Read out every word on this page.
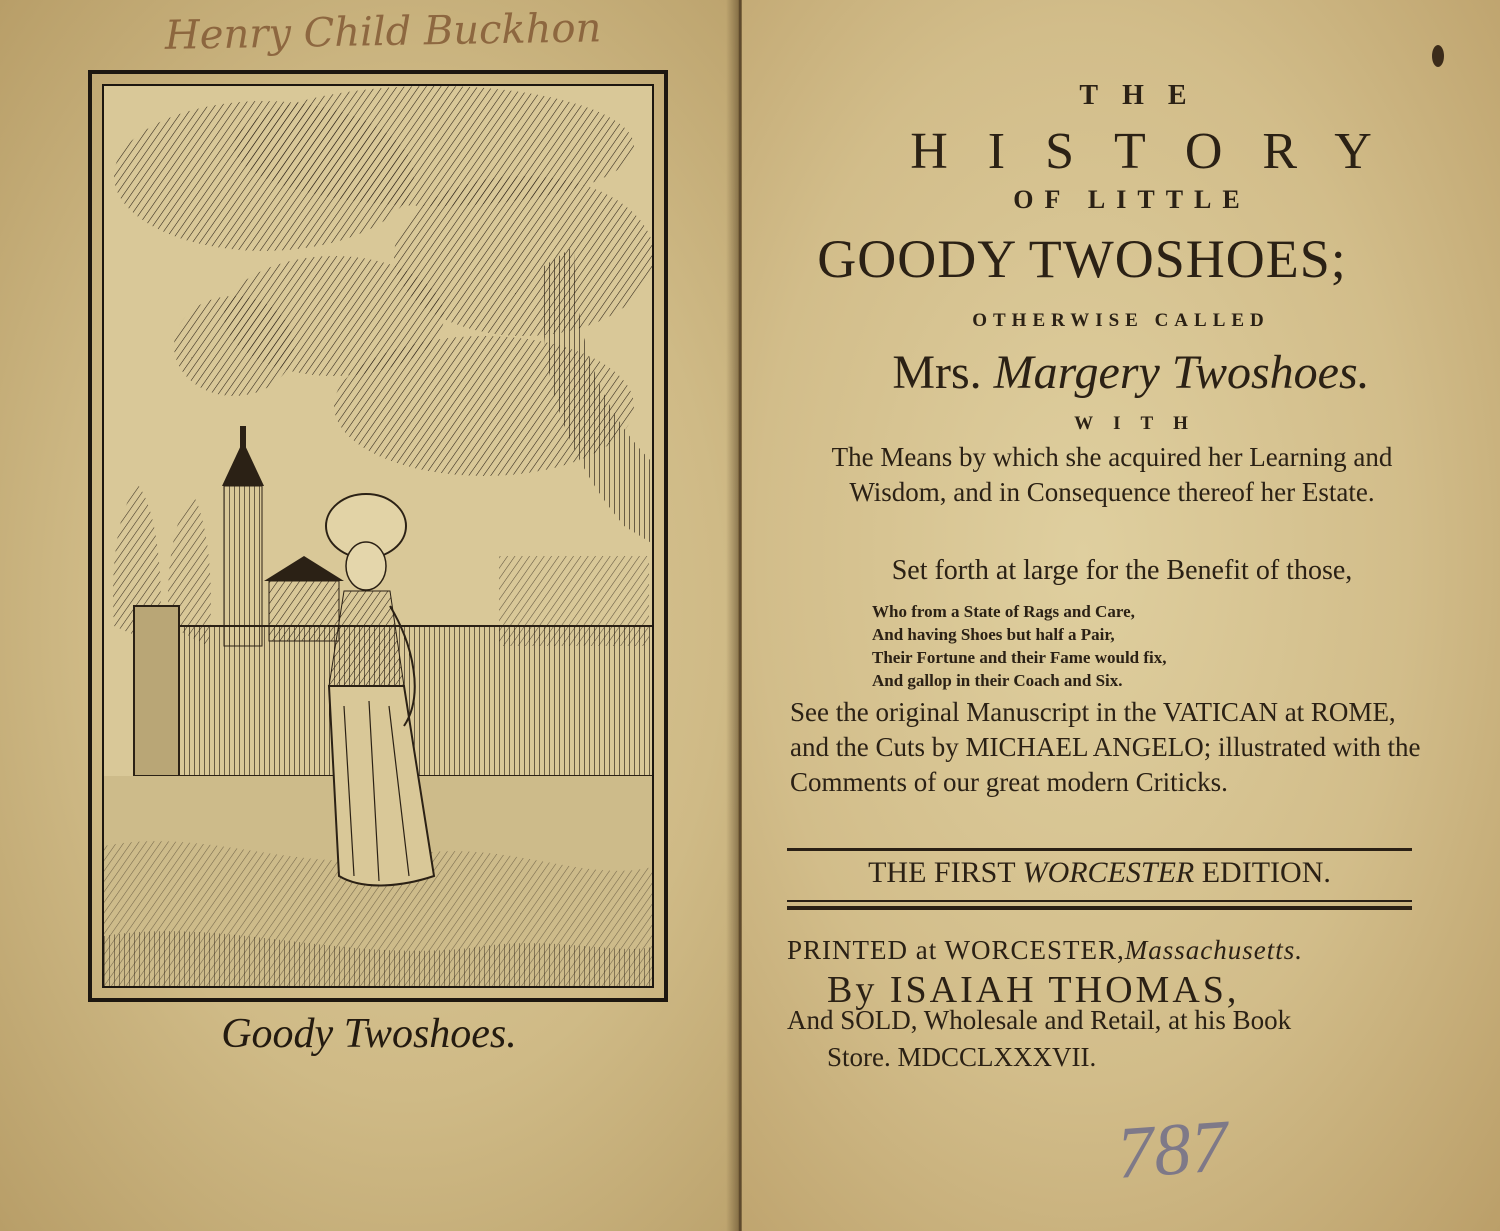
Henry Child Buckhon
Goody Twoshoes.
THE
HISTORY
OF LITTLE
GOODY TWOSHOES;
OTHERWISE CALLED
Mrs. Margery Twoshoes.
WITH
The Means by which she acquired her Learning and Wisdom, and in Consequence thereof her Estate.
Set forth at large for the Benefit of those,
Who from a State of Rags and Care,
And having Shoes but half a Pair,
Their Fortune and their Fame would fix,
And gallop in their Coach and Six.
See the original Manuscript in the VATICAN at ROME, and the Cuts by MICHAEL ANGELO; illustrated with the Comments of our great modern Criticks.
THE FIRST WORCESTER EDITION.
PRINTED at WORCESTER,Massachusetts.
By ISAIAH THOMAS,
And SOLD, Wholesale and Retail, at his Book
Store. MDCCLXXXVII.
787
